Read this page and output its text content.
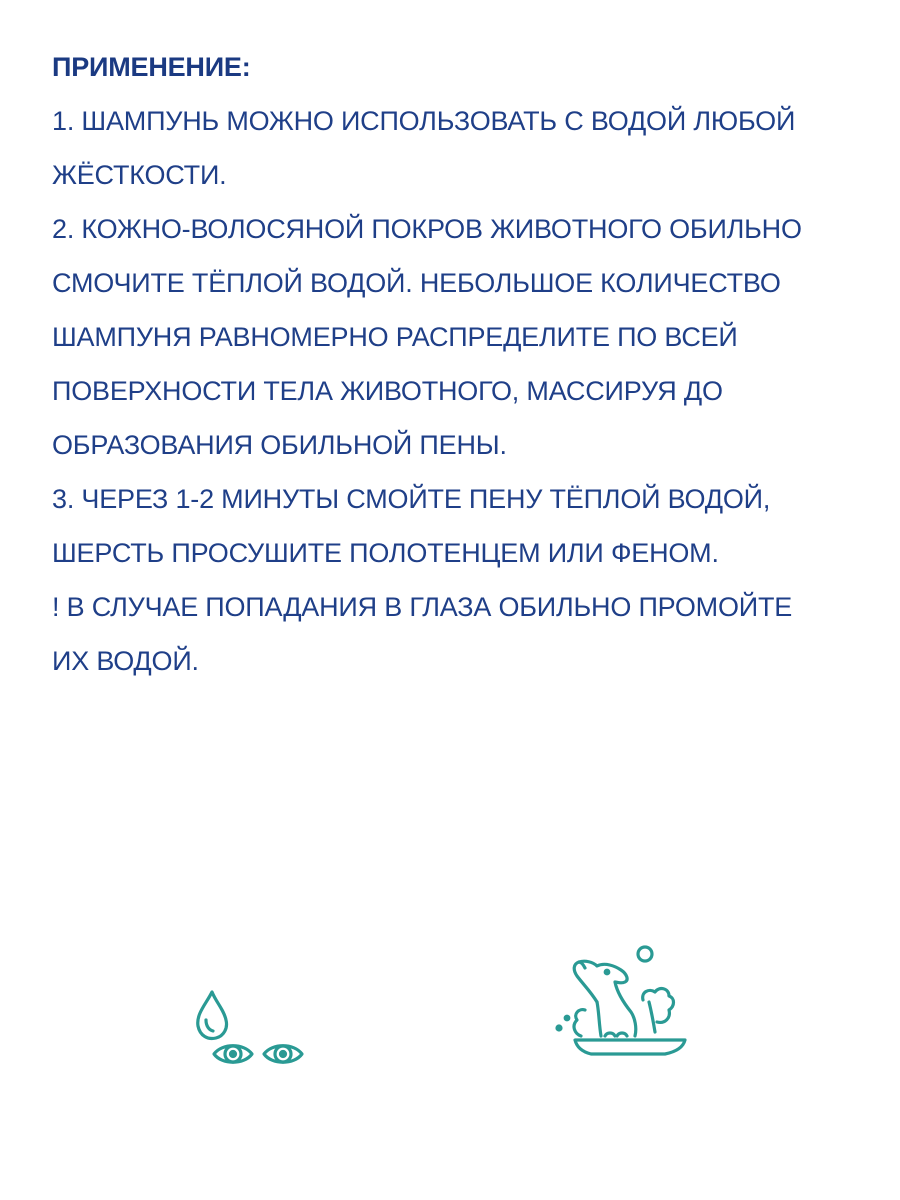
ПРИМЕНЕНИЕ:

1. ШАМПУНЬ МОЖНО ИСПОЛЬЗОВАТЬ С ВОДОЙ ЛЮБОЙ

ЖЁСТКОСТИ.

2. КОЖНО-ВОЛОСЯНОЙ ПОКРОВ ЖИВОТНОГО ОБИЛЬНО

СМОЧИТЕ ТЁПЛОЙ ВОДОЙ. НЕБОЛЬШОЕ КОЛИЧЕСТВО

ШАМПУНЯ РАВНОМЕРНО РАСПРЕДЕЛИТЕ ПО ВСЕЙ

ПОВЕРХНОСТИ ТЕЛА ЖИВОТНОГО, МАССИРУЯ ДО

ОБРАЗОВАНИЯ ОБИЛЬНОЙ ПЕНЫ.

3. ЧЕРЕЗ 1-2 МИНУТЫ СМОЙТЕ ПЕНУ ТЁПЛОЙ ВОДОЙ,

ШЕРСТЬ ПРОСУШИТЕ ПОЛОТЕНЦЕМ ИЛИ ФЕНОМ.

! В СЛУЧАЕ ПОПАДАНИЯ В ГЛАЗА ОБИЛЬНО ПРОМОЙТЕ

ИХ ВОДОЙ.
